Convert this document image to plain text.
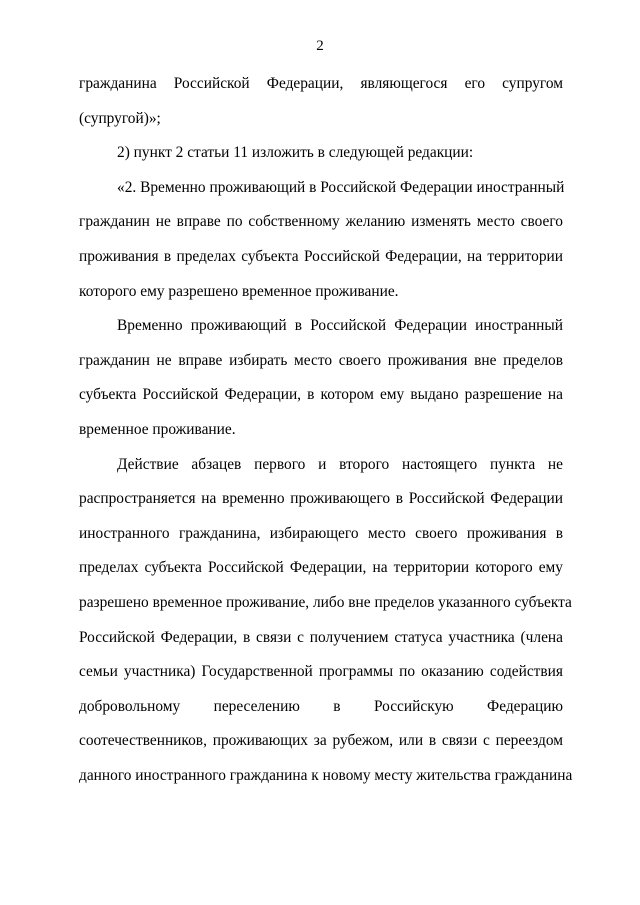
2
гражданина Российской Федерации, являющегося его супругом
(супругой)»;
2) пункт 2 статьи 11 изложить в следующей редакции:
«2. Временно проживающий в Российской Федерации иностранный
гражданин не вправе по собственному желанию изменять место своего
проживания в пределах субъекта Российской Федерации, на территории
которого ему разрешено временное проживание.
Временно проживающий в Российской Федерации иностранный
гражданин не вправе избирать место своего проживания вне пределов
субъекта Российской Федерации, в котором ему выдано разрешение на
временное проживание.
Действие абзацев первого и второго настоящего пункта не
распространяется на временно проживающего в Российской Федерации
иностранного гражданина, избирающего место своего проживания в
пределах субъекта Российской Федерации, на территории которого ему
разрешено временное проживание, либо вне пределов указанного субъекта
Российской Федерации, в связи с получением статуса участника (члена
семьи участника) Государственной программы по оказанию содействия
добровольному переселению в Российскую Федерацию
соотечественников, проживающих за рубежом, или в связи с переездом
данного иностранного гражданина к новому месту жительства гражданина
